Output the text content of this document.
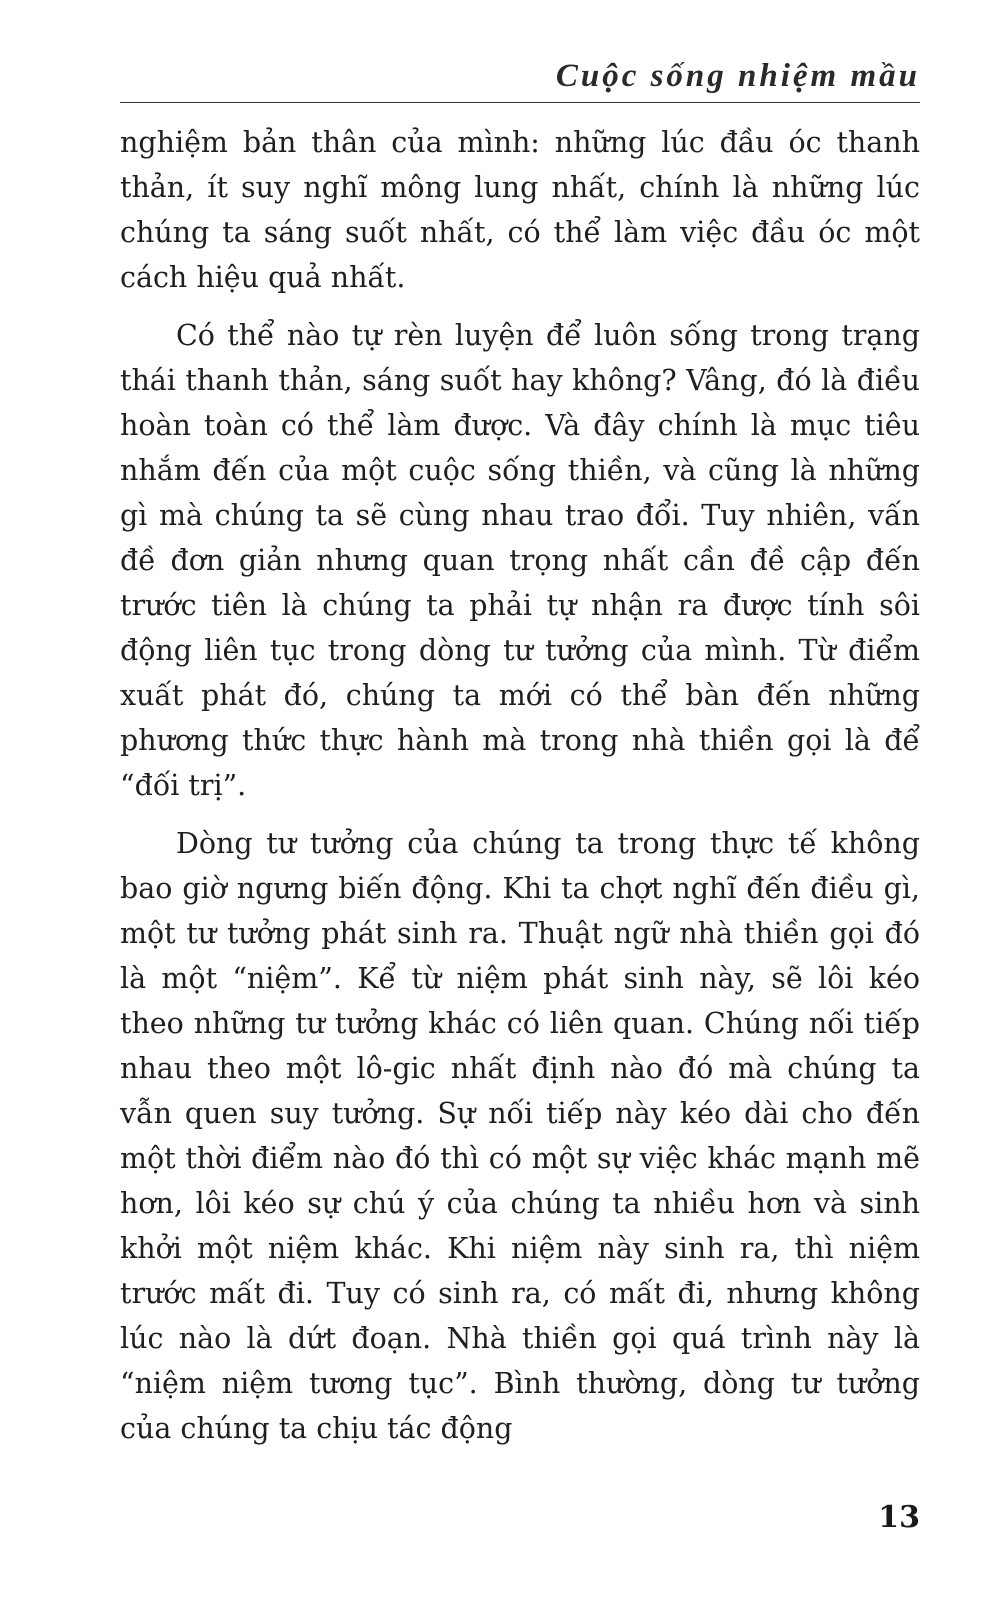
Cuộc sống nhiệm mầu

nghiệm bản thân của mình: những lúc đầu óc thanh thản, ít suy nghĩ mông lung nhất, chính là những lúc chúng ta sáng suốt nhất, có thể làm việc đầu óc một cách hiệu quả nhất.

Có thể nào tự rèn luyện để luôn sống trong trạng thái thanh thản, sáng suốt hay không? Vâng, đó là điều hoàn toàn có thể làm được. Và đây chính là mục tiêu nhắm đến của một cuộc sống thiền, và cũng là những gì mà chúng ta sẽ cùng nhau trao đổi. Tuy nhiên, vấn đề đơn giản nhưng quan trọng nhất cần đề cập đến trước tiên là chúng ta phải tự nhận ra được tính sôi động liên tục trong dòng tư tưởng của mình. Từ điểm xuất phát đó, chúng ta mới có thể bàn đến những phương thức thực hành mà trong nhà thiền gọi là để “đối trị”.

Dòng tư tưởng của chúng ta trong thực tế không bao giờ ngưng biến động. Khi ta chợt nghĩ đến điều gì, một tư tưởng phát sinh ra. Thuật ngữ nhà thiền gọi đó là một “niệm”. Kể từ niệm phát sinh này, sẽ lôi kéo theo những tư tưởng khác có liên quan. Chúng nối tiếp nhau theo một lô-gic nhất định nào đó mà chúng ta vẫn quen suy tưởng. Sự nối tiếp này kéo dài cho đến một thời điểm nào đó thì có một sự việc khác mạnh mẽ hơn, lôi kéo sự chú ý của chúng ta nhiều hơn và sinh khởi một niệm khác. Khi niệm này sinh ra, thì niệm trước mất đi. Tuy có sinh ra, có mất đi, nhưng không lúc nào là dứt đoạn. Nhà thiền gọi quá trình này là “niệm niệm tương tục”. Bình thường, dòng tư tưởng của chúng ta chịu tác động

13
